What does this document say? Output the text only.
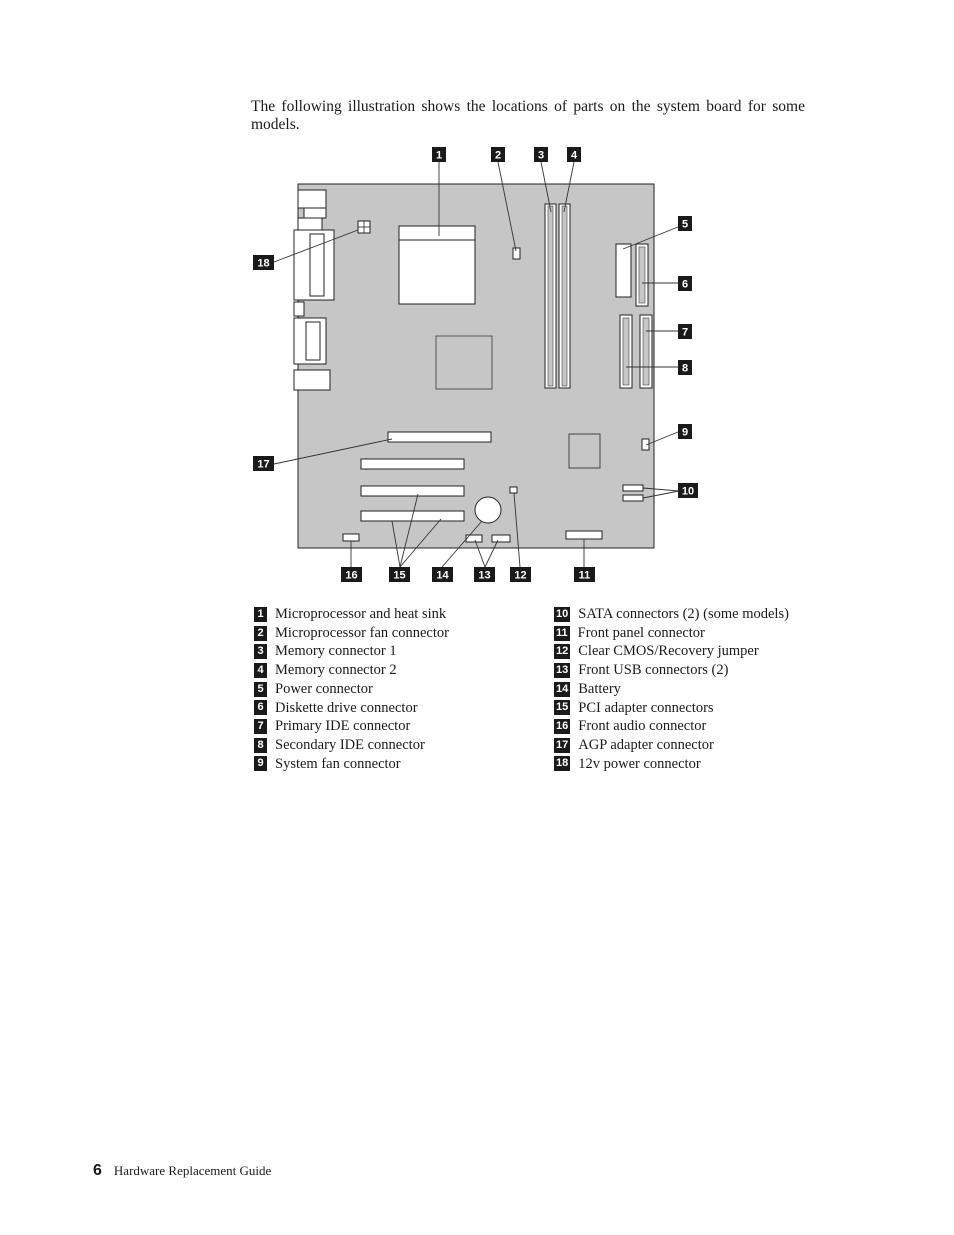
The following illustration shows the locations of parts on the system board for some models.

1	2	3 4
5
6
7
8
9
10
11
12
13
14
15
16
17
18
1 Microprocessor and heat sink
2 Microprocessor fan connector
3 Memory connector 1
4 Memory connector 2
5 Power connector
6 Diskette drive connector
7 Primary IDE connector
8 Secondary IDE connector
9 System fan connector
10 SATA connectors (2) (some models)
11 Front panel connector
12 Clear CMOS/Recovery jumper
13 Front USB connectors (2)
14 Battery
15 PCI adapter connectors
16 Front audio connector
17 AGP adapter connector
18 12v power connector
6 Hardware Replacement Guide
